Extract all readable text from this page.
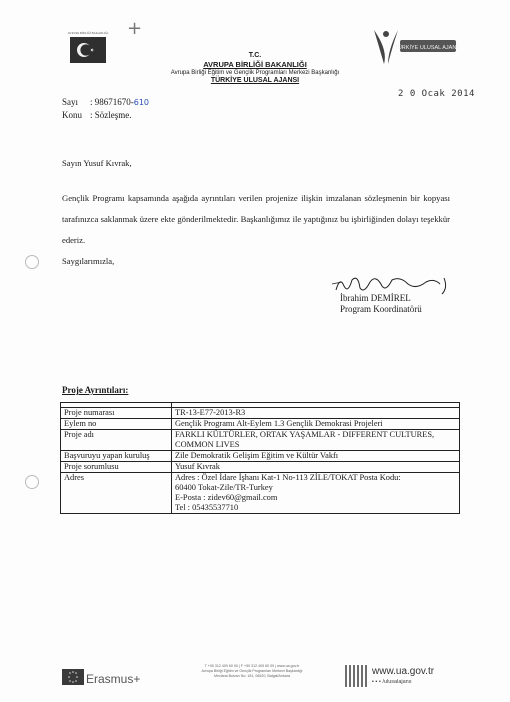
+
AVRUPA BİRLİĞİ BAKANLIĞI

T.C.
AVRUPA BİRLİĞİ BAKANLIĞI
Avrupa Birliği Eğitim ve Gençlik Programları Merkezi Başkanlığı
TÜRKİYE ULUSAL AJANSI
TÜRKİYE ULUSAL AJANSI
2 0 Ocak 2014
Sayı : 98671670-610
Konu : Sözleşme.
Sayın Yusuf Kıvrak,
Gençlik Programı kapsamında aşağıda ayrıntıları verilen projenize ilişkin imzalanan sözleşmenin bir kopyası tarafınızca saklanmak üzere ekte gönderilmektedir. Başkanlığımız ile yaptığınız bu işbirliğinden dolayı teşekkür ederiz.
Saygılarımızla,
İbrahim DEMİREL
Program Koordinatörü
Proje Ayrıntıları:

Proje numarası	TR-13-E77-2013-R3
Eylem no	Gençlik Programı Alt-Eylem 1.3 Gençlik Demokrasi Projeleri
Proje adı	FARKLI KÜLTÜRLER, ORTAK YAŞAMLAR - DIFFERENT CULTURES, COMMON LIVES
Başvuruyu yapan kuruluş	Zile Demokratik Gelişim Eğitim ve Kültür Vakfı
Proje sorumlusu	Yusuf Kıvrak
Adres	Adres : Özel İdare İşhanı Kat-1 No-113 ZİLE/TOKAT Posta Kodu:
60400 Tokat-Zile/TR-Turkey
E-Posta : zidev60@gmail.com
Tel : 05435537710
Erasmus+
T +90 312 409 60 00 | F +90 312 409 60 09 | www.ua.gov.tr
Avrupa Birliği Eğitim ve Gençlik Programları Merkezi Başkanlığı
Mevlana Bulvarı No: 181, 06520, Balgat/Ankara	www.ua.gov.tr
▪ ▪ ▪ /ulusalajans
